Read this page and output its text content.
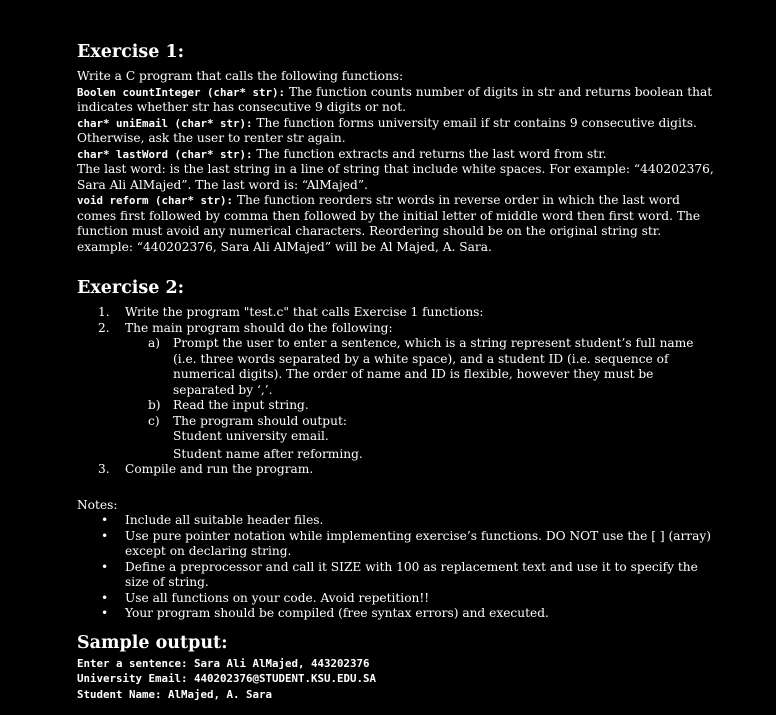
Exercise 1:

Write a C program that calls the following functions:

Boolen countInteger (char* str): The function counts number of digits in str and returns boolean that indicates whether str has consecutive 9 digits or not.

char* uniEmail (char* str): The function forms university email if str contains 9 consecutive digits. Otherwise, ask the user to renter str again.

char* lastWord (char* str): The function extracts and returns the last word from str.

The last word: is the last string in a line of string that include white spaces. For example: “440202376, Sara Ali AlMajed”. The last word is: “AlMajed”.

void reform (char* str): The function reorders str words in reverse order in which the last word comes first followed by comma then followed by the initial letter of middle word then first word. The function must avoid any numerical characters. Reordering should be on the original string str. example: “440202376, Sara Ali AlMajed” will be Al Majed, A. Sara.

Exercise 2:
1. Write the program "test.c" that calls Exercise 1 functions:
2. The main program should do the following:
a) Prompt the user to enter a sentence, which is a string represent student’s full name (i.e. three words separated by a white space), and a student ID (i.e. sequence of numerical digits). The order of name and ID is flexible, however they must be separated by ‘,’.
b) Read the input string.
c) The program should output:
Student university email.
Student name after reforming.
3. Compile and run the program.

Notes:

• Include all suitable header files.
• Use pure pointer notation while implementing exercise’s functions. DO NOT use the [ ] (array) except on declaring string.
• Define a preprocessor and call it SIZE with 100 as replacement text and use it to specify the size of string.
• Use all functions on your code. Avoid repetition!!
• Your program should be compiled (free syntax errors) and executed.
Sample output:
Enter a sentence: Sara Ali AlMajed, 443202376
University Email: 440202376@STUDENT.KSU.EDU.SA
Student Name: AlMajed, A. Sara
